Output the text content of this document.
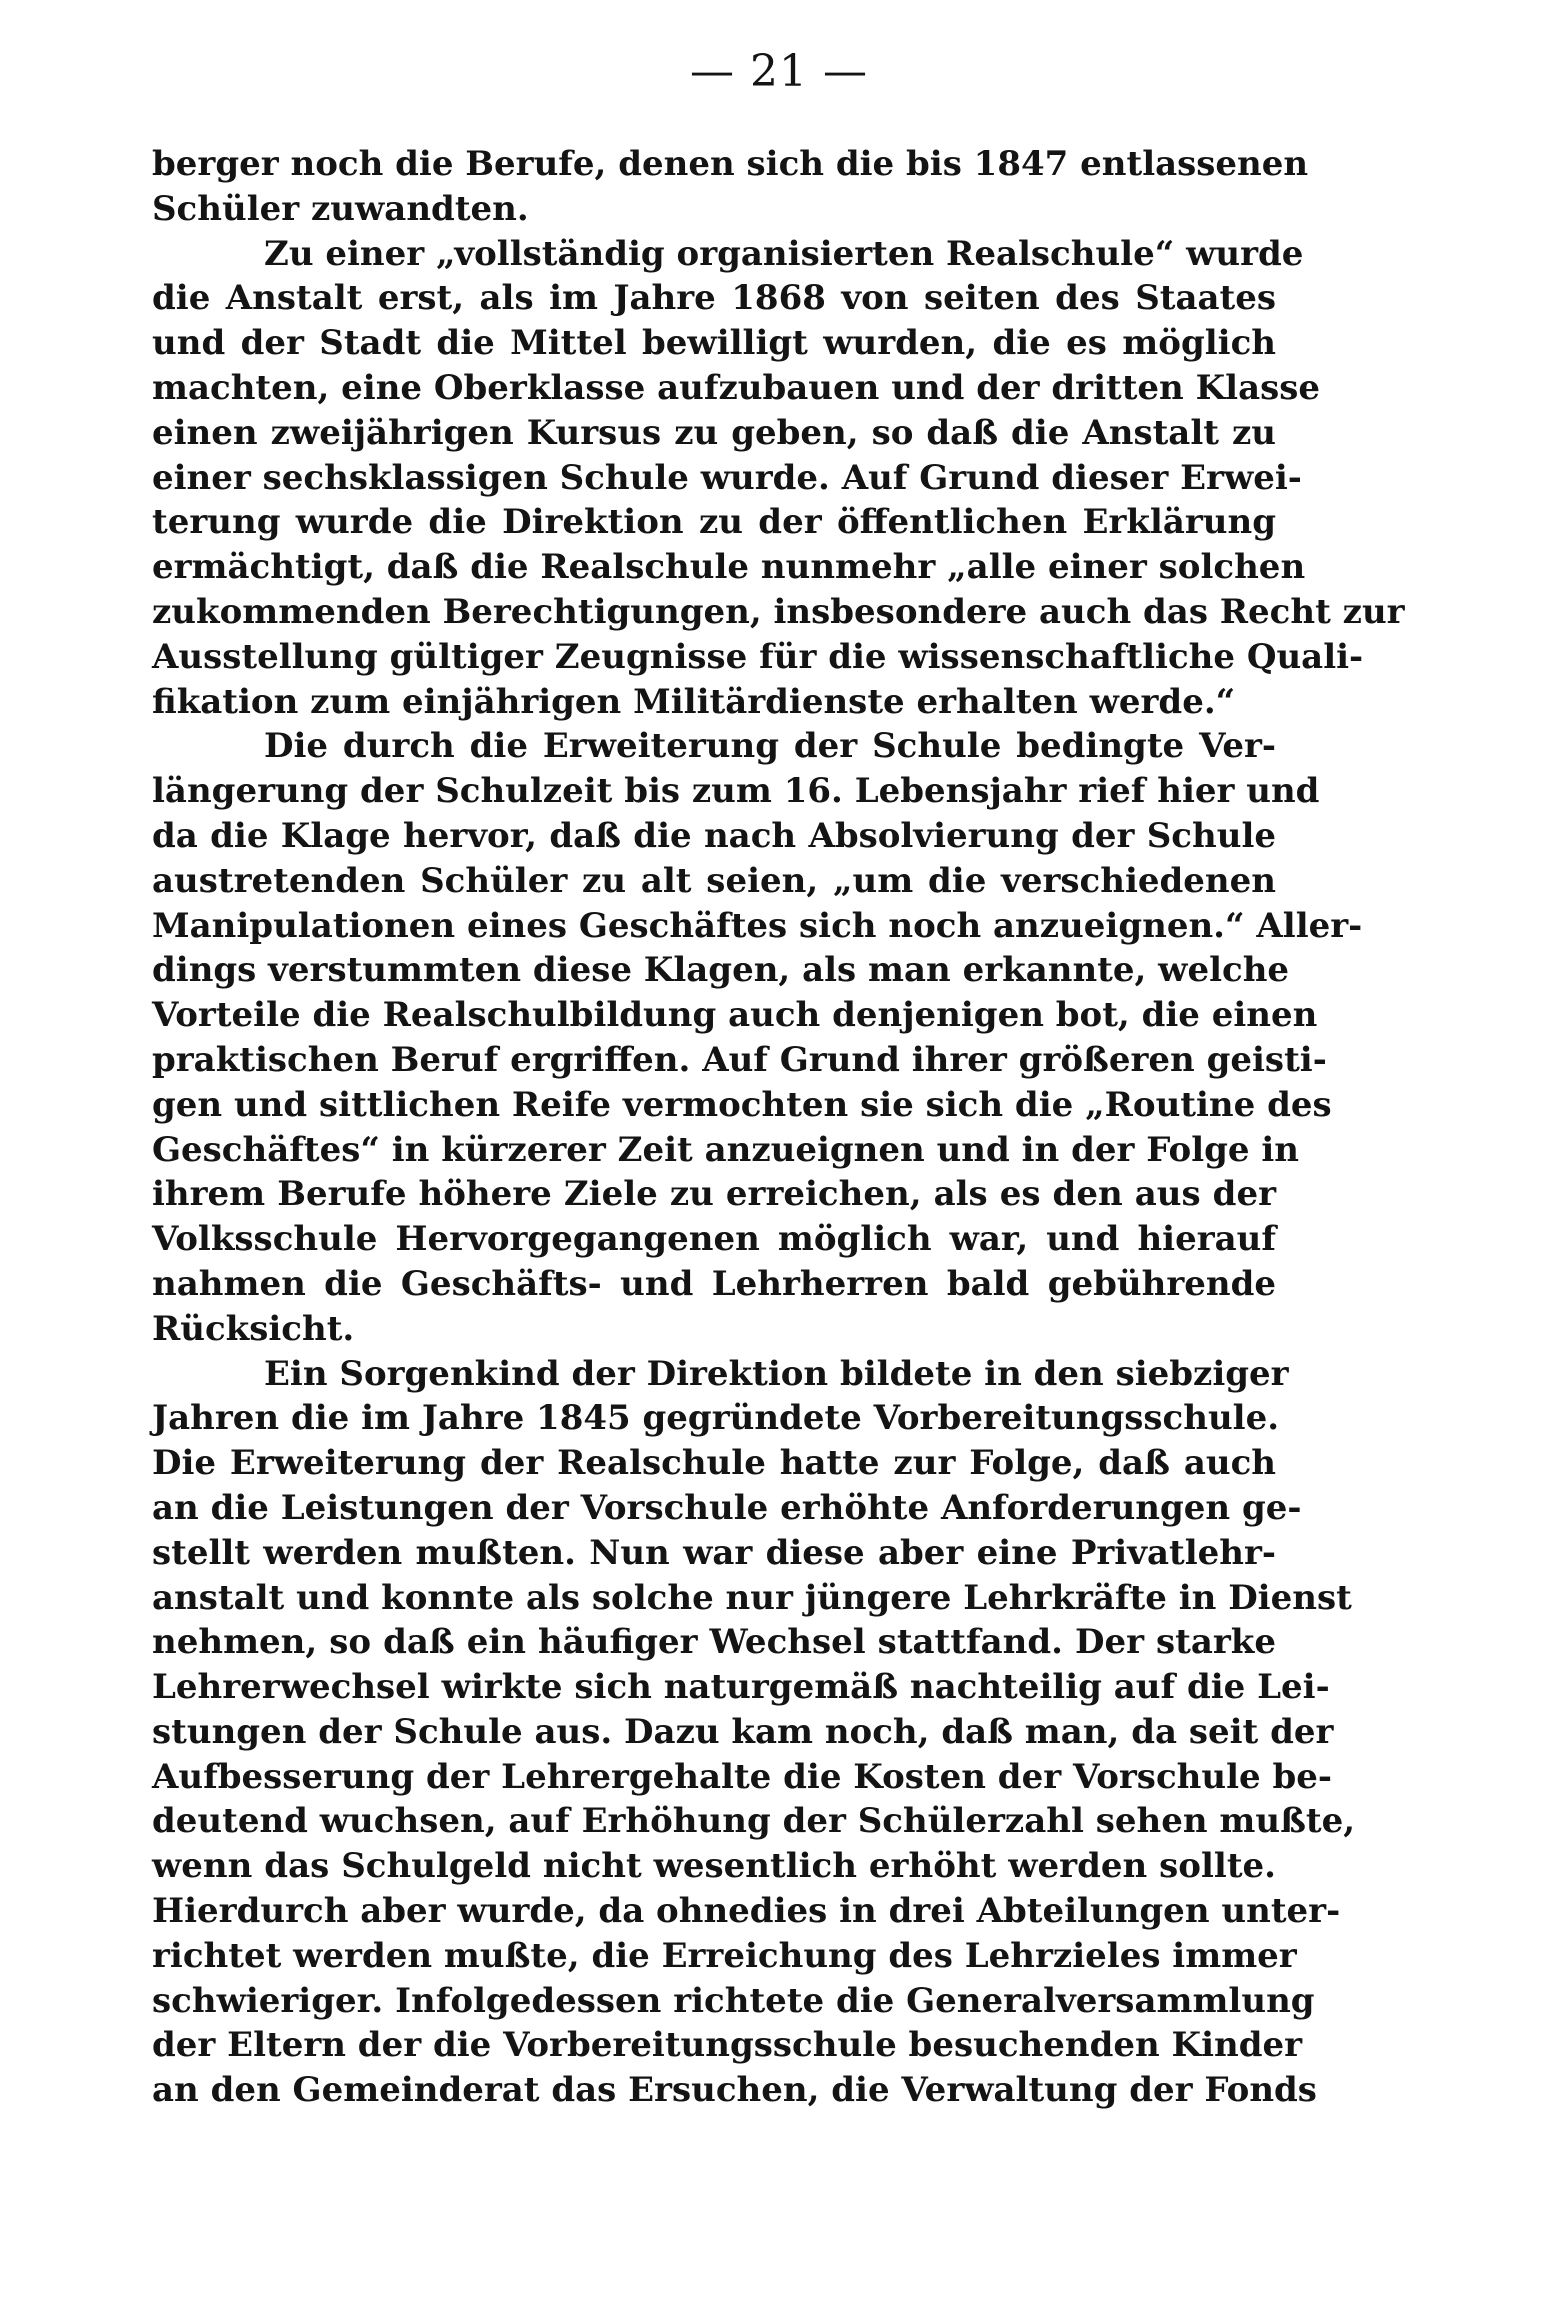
— 21 —
berger noch die Berufe, denen sich die bis 1847 entlassenen
Schüler zuwandten.
Zu einer „vollständig organisierten Realschule“ wurde
die Anstalt erst, als im Jahre 1868 von seiten des Staates
und der Stadt die Mittel bewilligt wurden, die es möglich
machten, eine Oberklasse aufzubauen und der dritten Klasse
einen zweijährigen Kursus zu geben, so daß die Anstalt zu
einer sechsklassigen Schule wurde. Auf Grund dieser Erwei-
terung wurde die Direktion zu der öffentlichen Erklärung
ermächtigt, daß die Realschule nunmehr „alle einer solchen
zukommenden Berechtigungen, insbesondere auch das Recht zur
Ausstellung gültiger Zeugnisse für die wissenschaftliche Quali-
fikation zum einjährigen Militärdienste erhalten werde.“
Die durch die Erweiterung der Schule bedingte Ver-
längerung der Schulzeit bis zum 16. Lebensjahr rief hier und
da die Klage hervor, daß die nach Absolvierung der Schule
austretenden Schüler zu alt seien, „um die verschiedenen
Manipulationen eines Geschäftes sich noch anzueignen.“ Aller-
dings verstummten diese Klagen, als man erkannte, welche
Vorteile die Realschulbildung auch denjenigen bot, die einen
praktischen Beruf ergriffen. Auf Grund ihrer größeren geisti-
gen und sittlichen Reife vermochten sie sich die „Routine des
Geschäftes“ in kürzerer Zeit anzueignen und in der Folge in
ihrem Berufe höhere Ziele zu erreichen, als es den aus der
Volksschule Hervorgegangenen möglich war, und hierauf
nahmen die Geschäfts- und Lehrherren bald gebührende
Rücksicht.
Ein Sorgenkind der Direktion bildete in den siebziger
Jahren die im Jahre 1845 gegründete Vorbereitungsschule.
Die Erweiterung der Realschule hatte zur Folge, daß auch
an die Leistungen der Vorschule erhöhte Anforderungen ge-
stellt werden mußten. Nun war diese aber eine Privatlehr-
anstalt und konnte als solche nur jüngere Lehrkräfte in Dienst
nehmen, so daß ein häufiger Wechsel stattfand. Der starke
Lehrerwechsel wirkte sich naturgemäß nachteilig auf die Lei-
stungen der Schule aus. Dazu kam noch, daß man, da seit der
Aufbesserung der Lehrergehalte die Kosten der Vorschule be-
deutend wuchsen, auf Erhöhung der Schülerzahl sehen mußte,
wenn das Schulgeld nicht wesentlich erhöht werden sollte.
Hierdurch aber wurde, da ohnedies in drei Abteilungen unter-
richtet werden mußte, die Erreichung des Lehrzieles immer
schwieriger. Infolgedessen richtete die Generalversammlung
der Eltern der die Vorbereitungsschule besuchenden Kinder
an den Gemeinderat das Ersuchen, die Verwaltung der Fonds
